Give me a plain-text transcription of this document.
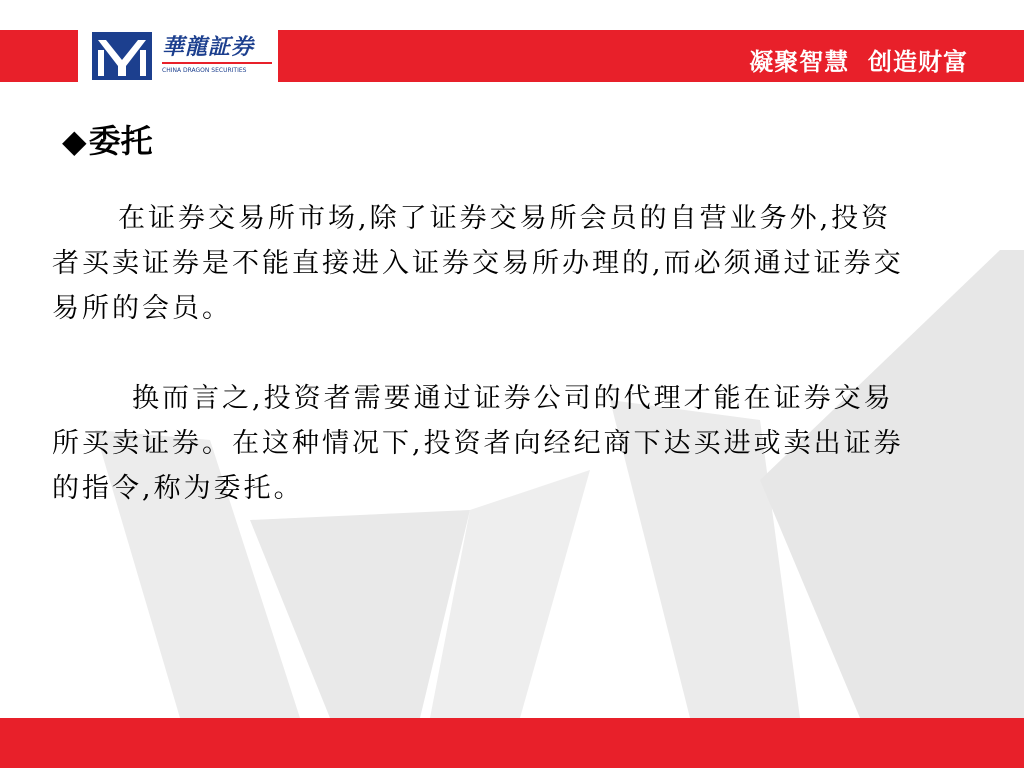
華龍証券
CHINA DRAGON SECURITIES	凝聚智慧  创造财富
◆委托

在证券交易所市场,除了证券交易所会员的自营业务外,投资者买卖证券是不能直接进入证券交易所办理的,而必须通过证券交易所的会员。

换而言之,投资者需要通过证券公司的代理才能在证券交易所买卖证券。在这种情况下,投资者向经纪商下达买进或卖出证券的指令,称为委托。
